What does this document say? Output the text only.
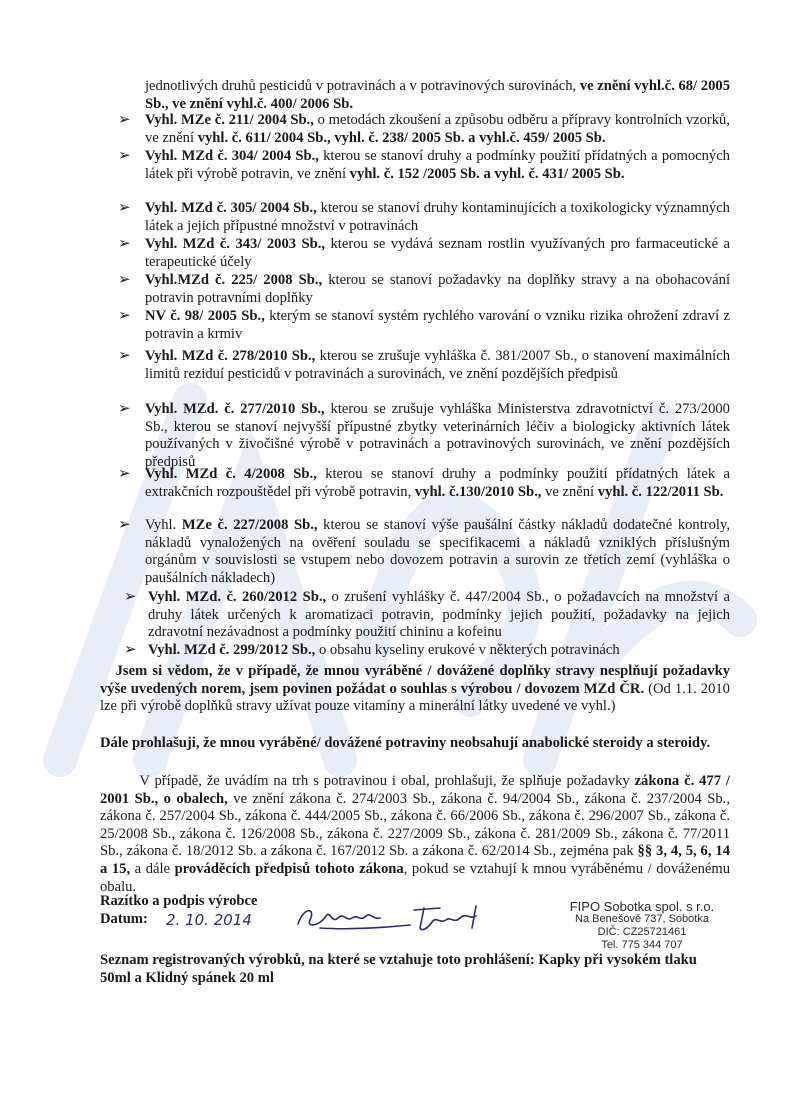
jednotlivých druhů pesticidů v potravinách a v potravinových surovinách, ve znění vyhl.č. 68/ 2005 Sb., ve znění vyhl.č. 400/ 2006 Sb.
➢ Vyhl. MZe č. 211/ 2004 Sb., o metodách zkoušení a způsobu odběru a přípravy kontrolních vzorků, ve znění vyhl. č. 611/ 2004 Sb., vyhl. č. 238/ 2005 Sb. a vyhl.č. 459/ 2005 Sb.
➢ Vyhl. MZd č. 304/ 2004 Sb., kterou se stanoví druhy a podmínky použití přídatných a pomocných látek při výrobě potravin, ve znění vyhl. č. 152 /2005 Sb. a vyhl. č. 431/ 2005 Sb.
➢ Vyhl. MZd č. 305/ 2004 Sb., kterou se stanoví druhy kontaminujících a toxikologicky významných látek a jejich přípustné množství v potravinách
➢ Vyhl. MZd č. 343/ 2003 Sb., kterou se vydává seznam rostlin využívaných pro farmaceutické a terapeutické účely
➢ Vyhl.MZd č. 225/ 2008 Sb., kterou se stanoví požadavky na doplňky stravy a na obohacování potravin potravními doplňky
➢ NV č. 98/ 2005 Sb., kterým se stanoví systém rychlého varování o vzniku rizika ohrožení zdraví z potravin a krmiv
➢ Vyhl. MZd č. 278/2010 Sb., kterou se zrušuje vyhláška č. 381/2007 Sb., o stanovení maximálních limitů reziduí pesticidů v potravinách a surovinách, ve znění pozdějších předpisů
➢ Vyhl. MZd. č. 277/2010 Sb., kterou se zrušuje vyhláška Ministerstva zdravotnictví č. 273/2000 Sb., kterou se stanoví nejvyšší přípustné zbytky veterinárních léčiv a biologicky aktivních látek používaných v živočišné výrobě v potravinách a potravinových surovinách, ve znění pozdějších předpisů
➢ Vyhl. MZd č. 4/2008 Sb., kterou se stanoví druhy a podmínky použití přídatných látek a extrakčních rozpouštědel při výrobě potravin, vyhl. č.130/2010 Sb., ve znění vyhl. č. 122/2011 Sb.
➢ Vyhl. MZe č. 227/2008 Sb., kterou se stanoví výše paušální částky nákladů dodatečné kontroly, nákladů vynaložených na ověření souladu se specifikacemi a nákladů vzniklých příslušným orgánům v souvislosti se vstupem nebo dovozem potravin a surovin ze třetích zemí (vyhláška o paušálních nákladech)
➢ Vyhl. MZd. č. 260/2012 Sb., o zrušení vyhlášky č. 447/2004 Sb., o požadavcích na množství a druhy látek určených k aromatizaci potravin, podmínky jejich použití, požadavky na jejich zdravotní nezávadnost a podmínky použití chininu a kofeinu
➢ Vyhl. MZd č. 299/2012 Sb., o obsahu kyseliny erukové v některých potravinách
Jsem si vědom, že v případě, že mnou vyráběné / dovážené doplňky stravy nesplňují požadavky výše uvedených norem, jsem povinen požádat o souhlas s výrobou / dovozem MZd ČR. (Od 1.1. 2010 lze při výrobě doplňků stravy užívat pouze vitamíny a minerální látky uvedené ve vyhl.)
Dále prohlašuji, že mnou vyráběné/ dovážené potraviny neobsahují anabolické steroidy a steroidy.
V případě, že uvádím na trh s potravinou i obal, prohlašuji, že splňuje požadavky zákona č. 477 / 2001 Sb., o obalech, ve znění zákona č. 274/2003 Sb., zákona č. 94/2004 Sb., zákona č. 237/2004 Sb., zákona č. 257/2004 Sb., zákona č. 444/2005 Sb., zákona č. 66/2006 Sb., zákona č. 296/2007 Sb., zákona č. 25/2008 Sb., zákona č. 126/2008 Sb., zákona č. 227/2009 Sb., zákona č. 281/2009 Sb., zákona č. 77/2011 Sb., zákona č. 18/2012 Sb. a zákona č. 167/2012 Sb. a zákona č. 62/2014 Sb., zejména pak §§ 3, 4, 5, 6, 14 a 15, a dále prováděcích předpisů tohoto zákona, pokud se vztahují k mnou vyráběnému / dováženému obalu.
Razítko a podpis výrobce
Datum:	2. 10. 2014
FIPO Sobotka spol. s r.o.
Na Benešově 737, Sobotka
DIČ: CZ25721461
Tel. 775 344 707
Seznam registrovaných výrobků, na které se vztahuje toto prohlášení: Kapky při vysokém tlaku 50ml a Klidný spánek 20 ml
